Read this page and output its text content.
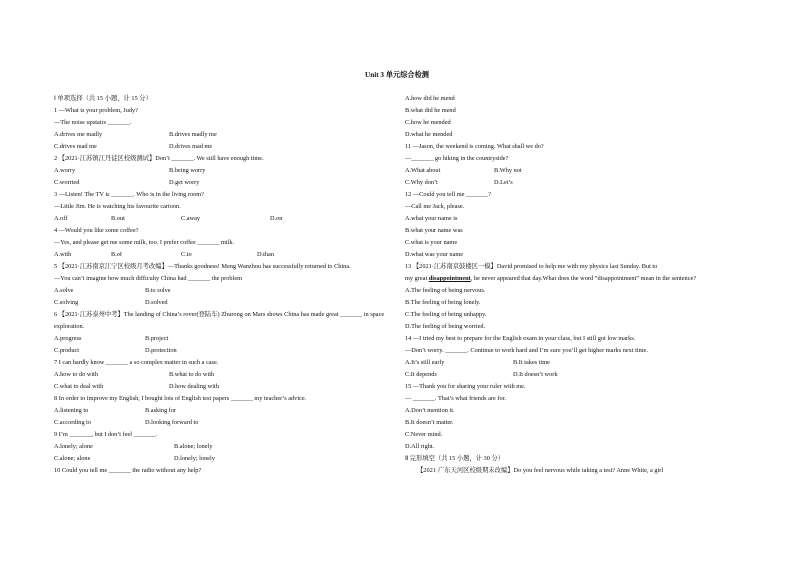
Unit 3 单元综合检测
Ⅰ 单项选择（共 15 小题，计 15 分）
1 —What is your problem, Judy?
—The noise upstairs _______.
A.drives me madly	B.drives madly me
C.drives mad me	D.drives mad me
2 【2021·江苏镇江丹徒区校级测试】Don’t _______. We still have enough time.
A.worry	B.being worry
C.worried	D.get worry
3 —Listen! The TV is _______. Who is in the living room?
—Little Jim. He is watching his favourite cartoon.
A.off	B.out	C.away	D.on
4 —Would you like some coffee?
—Yes, and please get me some milk, too. I prefer coffee _______ milk.
A.with	B.of	C.to	D.than
5 【2021·江苏南京江宁区校级月考改编】—Thanks goodness! Meng Wanzhou has successfully returned to China.
—You can’t imagine how much difficulty China had _______ the problem
A.solve	B.to solve
C.solving	D.solved
6 【2021·江苏泰州中考】The landing of China’s rover(登陆车) Zhurong on Mars shows China has made great _______ in space exploration.
A.progress	B.project
C.product	D.protection
7 I can hardly know _______ a so complex matter in such a case.
A.how to do with	B.what to do with
C.what to deal with	D.how dealing with
8 In order to improve my English, I bought lots of English test papers _______ my teacher’s advice.
A.listening to	B.asking for
C.according to	D.looking forward to
9 I’m _______, but I don’t feel _______.
A.lonely; alone	B.alone; lonely
C.alone; alone	D.lonely; lonely
10 Could you tell me _______ the radio without any help?
A.how did he mend
B.what did he mend
C.how he mended
D.what he mended
11 —Jason, the weekend is coming. What shall we do?
—_______ go hiking in the countryside?
A.What about	B.Why not
C.Why don’t	D.Let’s
12 —Could you tell me _______?
—Call me Jack, please.
A.what your name is
B.what your name was
C.what is your name
D.what was your name
13 【2021·江苏南京鼓楼区一模】David promised to help me with my physics last Sunday. But to
my great disappointment, he never appeared that day.What does the word “disappointment” mean in the sentence?
A.The feeling of being nervous.
B.The feeling of being lonely.
C.The feeling of being unhappy.
D.The feeling of being worried.
14 —I tried my best to prepare for the English exam in your class, but I still got low marks.
—Don’t worry. _______. Continue to work hard and I’m sure you’ll get higher marks next time.
A.It’s still early	B.It takes time
C.It depends	D.It doesn’t work
15 —Thank you for sharing your ruler with me.
— _______. That’s what friends are for.
A.Don’t mention it.
B.It doesn’t matter.
C.Never mind.
D.All right.
Ⅱ 完形填空（共 15 小题，计 30 分）
【2021·广东天河区校级期末改编】Do you feel nervous while taking a test? Anne White, a girl
